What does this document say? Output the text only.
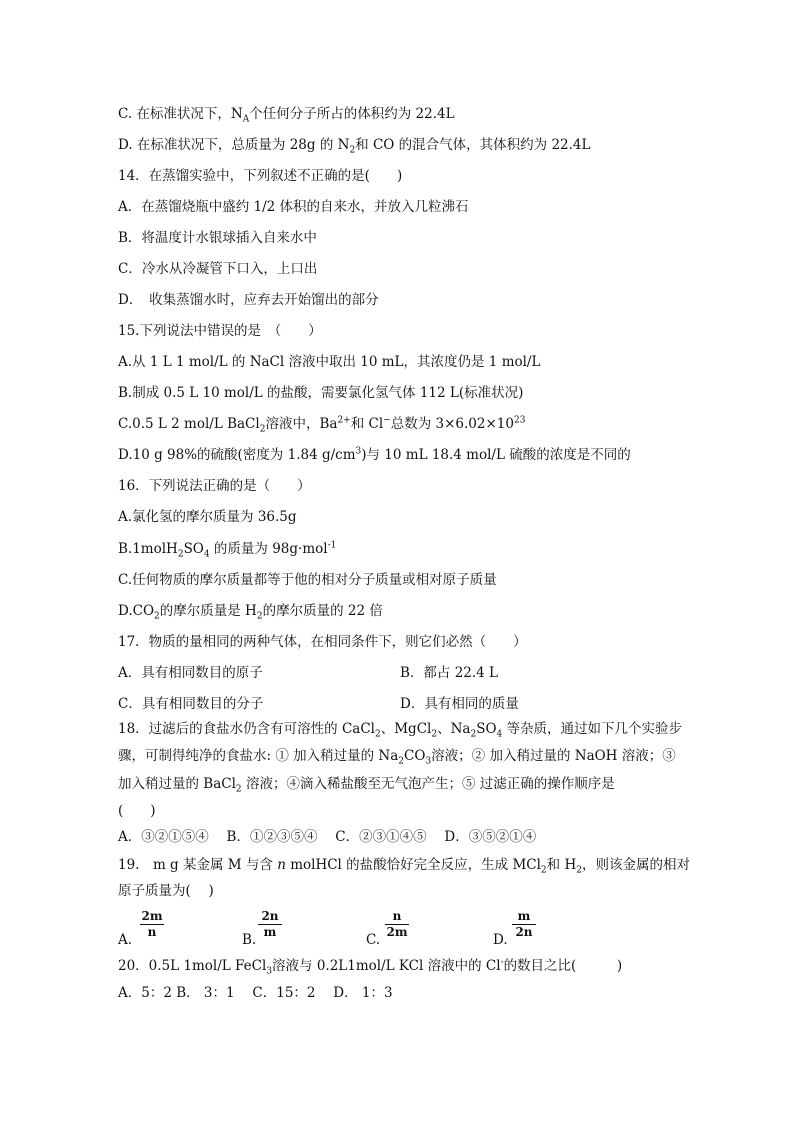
C. 在标准状况下，$N_A$个任何分子所占的体积约为 22.4L
D. 在标准状况下，总质量为 28g 的 $N_2$和 CO 的混合气体，其体积约为 22.4L
14．在蒸馏实验中，下列叙述不正确的是(　　)
A．在蒸馏烧瓶中盛约 1/2 体积的自来水，并放入几粒沸石
B．将温度计水银球插入自来水中
C．冷水从冷凝管下口入，上口出
D．　收集蒸馏水时，应弃去开始馏出的部分
15.下列说法中错误的是　（　　）
A.从 1 L 1 mol/L 的 NaCl 溶液中取出 10 mL，其浓度仍是 1 mol/L
B.制成 0.5 L 10 mol/L 的盐酸，需要氯化氢气体 112 L(标准状况)
C.0.5 L 2 mol/L BaCl$_2$溶液中，$Ba^{2+}$和 Cl−总数为 $3\times 6.02\times 10^{23}$
D.10 g 98%的硫酸(密度为 1.84 $g/cm^3$)与 10 mL 18.4 mol/L 硫酸的浓度是不同的
16．下列说法正确的是（　　）
A.氯化氢的摩尔质量为 36.5g
$B.1molH_2SO_4$ 的质量为 98g·mol$^{-1}$
C.任何物质的摩尔质量都等于他的相对分子质量或相对原子质量
$D.CO_2$的摩尔质量是 $H_2$的摩尔质量的 22 倍
17．物质的量相同的两种气体，在相同条件下，则它们必然（　　）
A．具有相同数目的原子	B．都占 22.4 L
C．具有相同数目的分子	D．具有相同的质量
18．过滤后的食盐水仍含有可溶性的 CaCl$_2$、MgCl$_2$、$Na_2SO_4$ 等杂质，通过如下几个实验步
骤，可制得纯净的食盐水: ① 加入稍过量的 $Na_2CO_3$溶液；② 加入稍过量的 NaOH 溶液；③
加入稍过量的 BaCl$_2$ 溶液；④滴入稀盐酸至无气泡产生；⑤ 过滤正确的操作顺序是
(　　)
A．③②①⑤④　 B．①②③⑤④　 C．②③①④⑤　 D．③⑤②①④
19.　m g 某金属 M 与含 n molHCl 的盐酸恰好完全反应，生成 MCl$_2$和 $H_2$，则该金属的相对
原子质量为(　 )
A.
$\frac{2m}{n}$
B.
$\frac{2n}{m}$
C.
$\frac{n}{2m}$
D.
$\frac{m}{2n}$
20．0.5L 1mol/L FeCl$_3$溶液与 0.2L1mol/L KCl 溶液中的 Cl-的数目之比(　　　)
A．5：2 B． 3：1　 C．15：2　 D． 1：3
